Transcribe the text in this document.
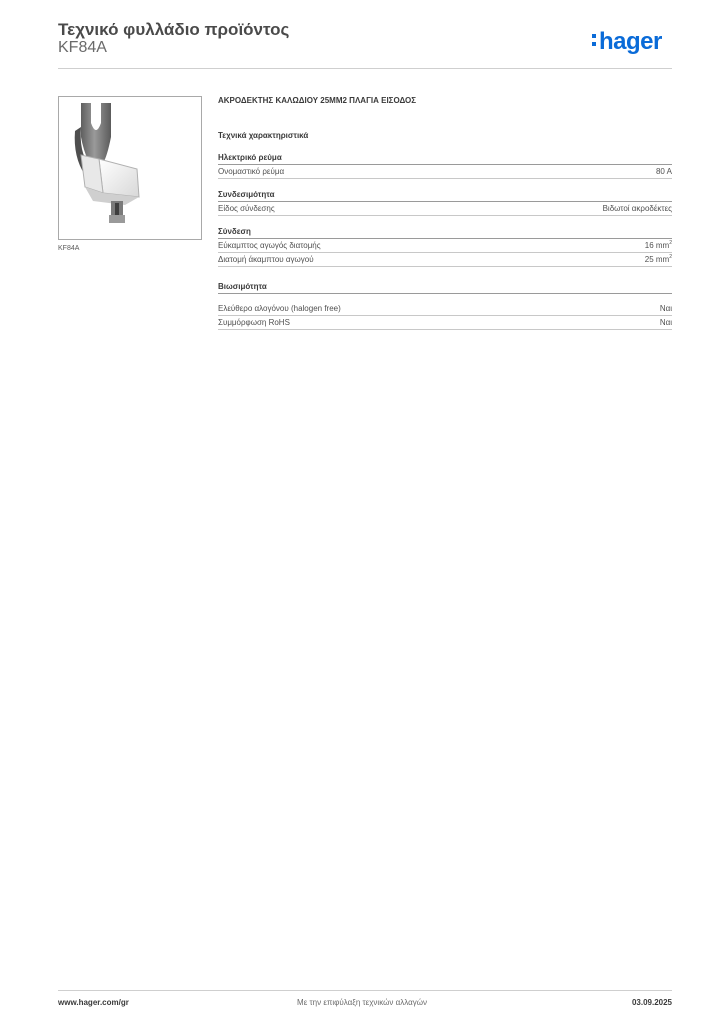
Τεχνικό φυλλάδιο προϊόντος
KF84A	hager
KF84A
ΑΚΡΟΔΕΚΤΗΣ ΚΑΛΩΔΙΟΥ 25ΜΜ2 ΠΛΑΓΙΑ ΕΙΣΟΔΟΣ
Τεχνικά χαρακτηριστικά
Ηλεκτρικό ρεύμα
Ονομαστικό ρεύμα	80 A
Συνδεσιμότητα
Είδος σύνδεσης	Βιδωτοί ακροδέκτες
Σύνδεση
Εύκαμπτος αγωγός διατομής	16 $mm^2$
Διατομή άκαμπτου αγωγού	25 $mm^2$
Βιωσιμότητα
Ελεύθερο αλογόνου (halogen free)	Ναι
Συμμόρφωση RoHS	Ναι
www.hager.com/gr	Με την επιφύλαξη τεχνικών αλλαγών	03.09.2025
